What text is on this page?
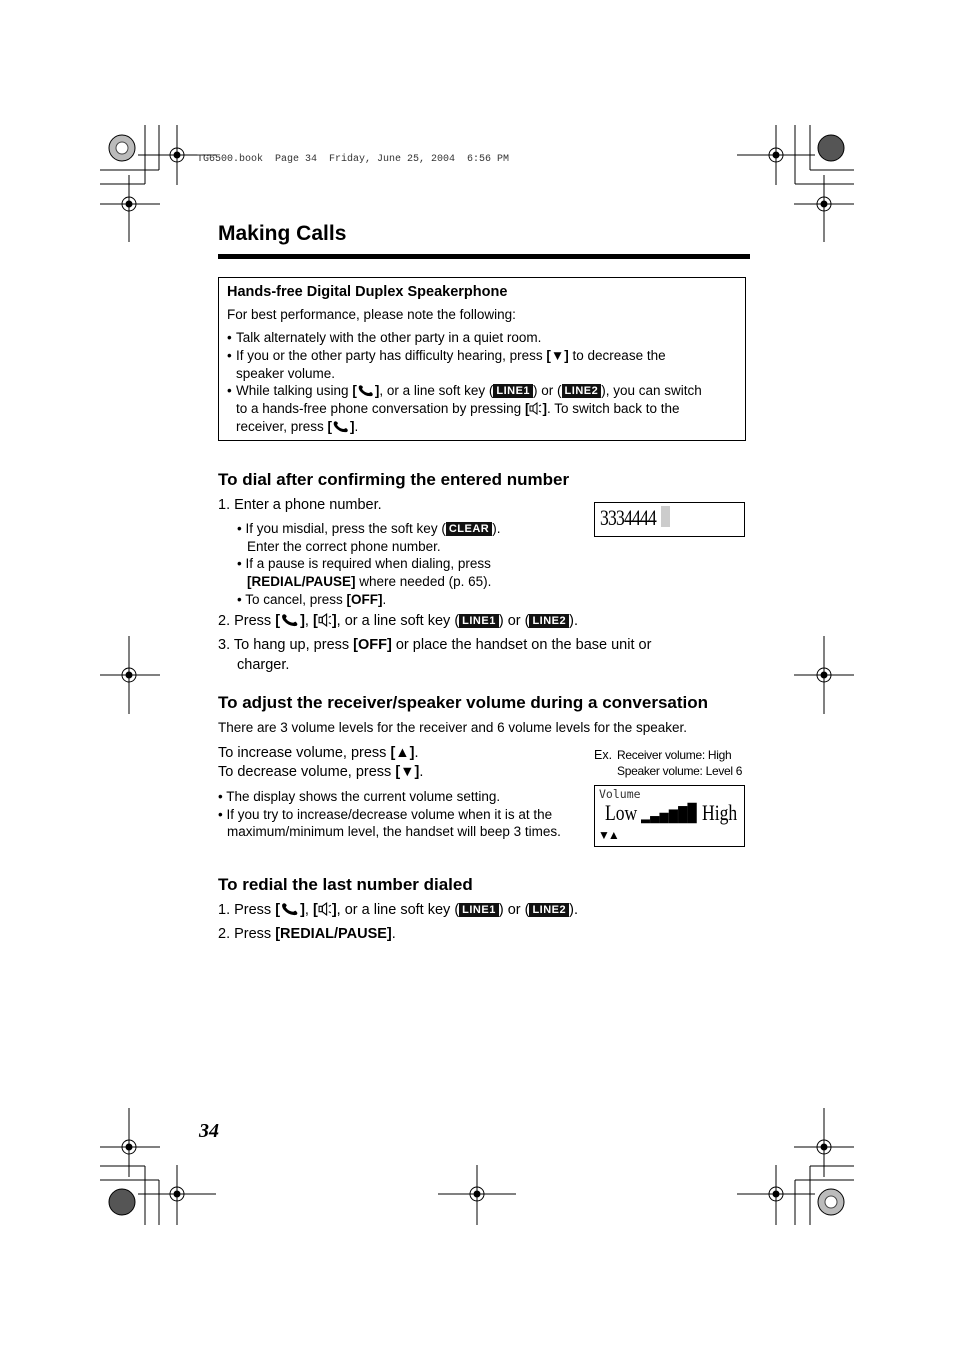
TG6500.book  Page 34  Friday, June 25, 2004  6:56 PM
Making Calls
Hands-free Digital Duplex Speakerphone
For best performance, please note the following:
• Talk alternately with the other party in a quiet room.
• If you or the other party has difficulty hearing, press [▼] to decrease the
speaker volume.
• While talking using [ ], or a line soft key ( LINE1 ) or ( LINE2 ), you can switch
to a hands-free phone conversation by pressing [ ]. To switch back to the
receiver, press [ ].
To dial after confirming the entered number
1. Enter a phone number.
• If you misdial, press the soft key ( CLEAR ).
Enter the correct phone number.
• If a pause is required when dialing, press
[REDIAL/PAUSE] where needed (p. 65).
• To cancel, press [OFF].
2. Press [ ], [ ], or a line soft key ( LINE1 ) or ( LINE2 ).
3. To hang up, press [OFF] or place the handset on the base unit or
charger.
3334444
To adjust the receiver/speaker volume during a conversation
There are 3 volume levels for the receiver and 6 volume levels for the speaker.
To increase volume, press [▲].
To decrease volume, press [▼].
• The display shows the current volume setting.
• If you try to increase/decrease volume when it is at the
maximum/minimum level, the handset will beep 3 times.
Ex. Receiver volume: High
Speaker volume: Level 6
Volume
Low	High
▼▲
To redial the last number dialed
1. Press [ ], [ ], or a line soft key ( LINE1 ) or ( LINE2 ).
2. Press [REDIAL/PAUSE].
34
